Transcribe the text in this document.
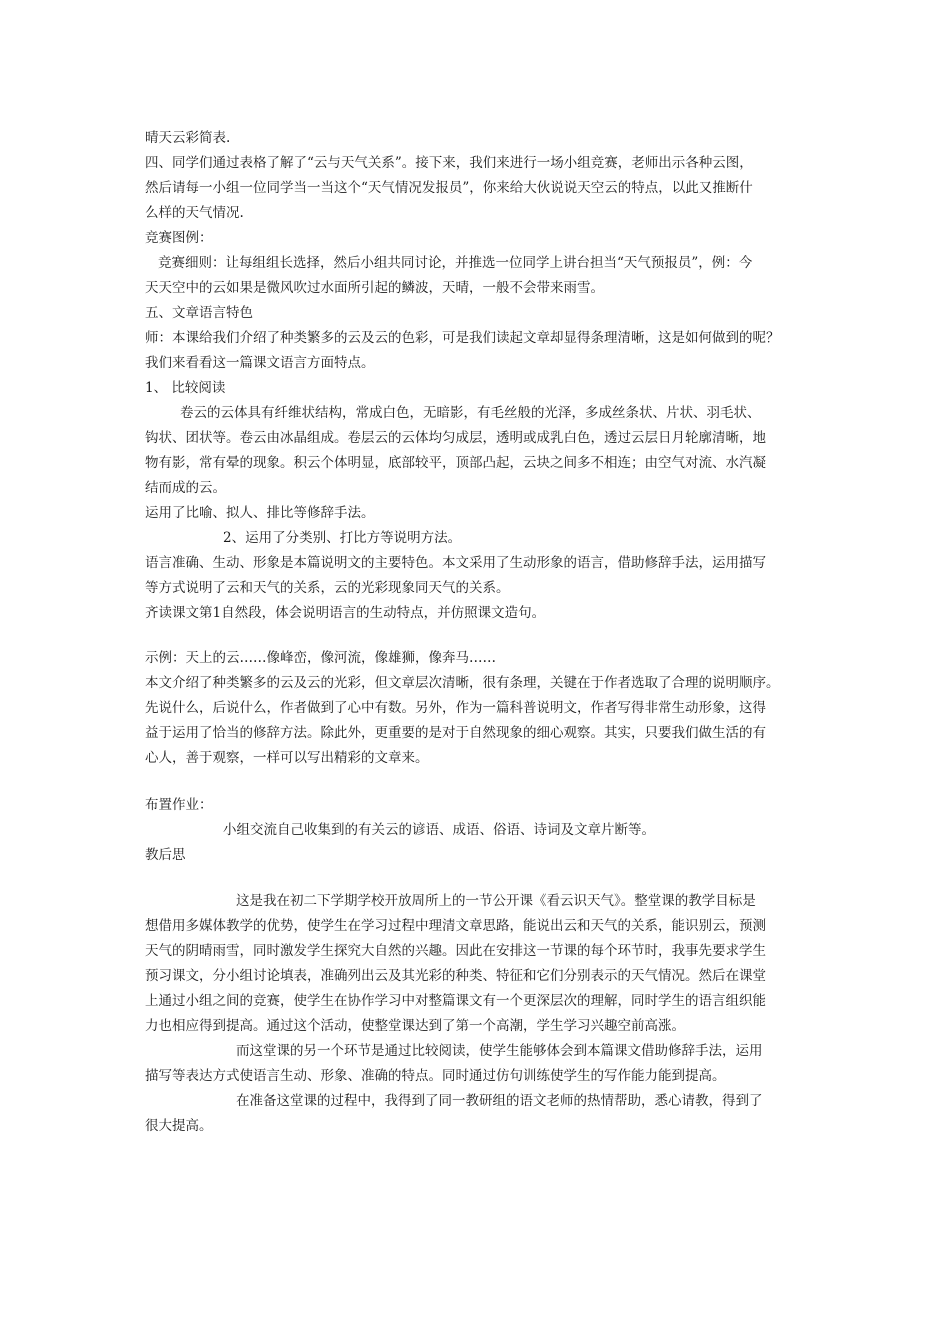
晴天云彩简表.
四、同学们通过表格了解了“云与天气关系”。接下来，我们来进行一场小组竞赛，老师出示各种云图，
然后请每一小组一位同学当一当这个“天气情况发报员”，你来给大伙说说天空云的特点，以此又推断什
么样的天气情况.
竞赛图例：
竞赛细则：让每组组长选择，然后小组共同讨论，并推选一位同学上讲台担当“天气预报员”，例：今
天天空中的云如果是微风吹过水面所引起的鳞波，天晴，一般不会带来雨雪。
五、文章语言特色
师：本课给我们介绍了种类繁多的云及云的色彩，可是我们读起文章却显得条理清晰，这是如何做到的呢？
我们来看看这一篇课文语言方面特点。
1、 比较阅读
卷云的云体具有纤维状结构，常成白色，无暗影，有毛丝般的光泽，多成丝条状、片状、羽毛状、
钩状、团状等。卷云由冰晶组成。卷层云的云体均匀成层，透明或成乳白色，透过云层日月轮廓清晰，地
物有影，常有晕的现象。积云个体明显，底部较平，顶部凸起，云块之间多不相连；由空气对流、水汽凝
结而成的云。
运用了比喻、拟人、排比等修辞手法。
2、运用了分类别、打比方等说明方法。
语言准确、生动、形象是本篇说明文的主要特色。本文采用了生动形象的语言，借助修辞手法，运用描写
等方式说明了云和天气的关系，云的光彩现象同天气的关系。
齐读课文第1自然段，体会说明语言的生动特点，并仿照课文造句。
示例：天上的云……像峰峦，像河流，像雄狮，像奔马……
本文介绍了种类繁多的云及云的光彩，但文章层次清晰，很有条理，关键在于作者选取了合理的说明顺序。
先说什么，后说什么，作者做到了心中有数。另外，作为一篇科普说明文，作者写得非常生动形象，这得
益于运用了恰当的修辞方法。除此外，更重要的是对于自然现象的细心观察。其实，只要我们做生活的有
心人，善于观察，一样可以写出精彩的文章来。
布置作业：
小组交流自己收集到的有关云的谚语、成语、俗语、诗词及文章片断等。
教后思
这是我在初二下学期学校开放周所上的一节公开课《看云识天气》。整堂课的教学目标是
想借用多媒体教学的优势，使学生在学习过程中理清文章思路，能说出云和天气的关系，能识别云，预测
天气的阴晴雨雪，同时激发学生探究大自然的兴趣。因此在安排这一节课的每个环节时，我事先要求学生
预习课文，分小组讨论填表，准确列出云及其光彩的种类、特征和它们分别表示的天气情况。然后在课堂
上通过小组之间的竞赛，使学生在协作学习中对整篇课文有一个更深层次的理解，同时学生的语言组织能
力也相应得到提高。通过这个活动，使整堂课达到了第一个高潮，学生学习兴趣空前高涨。
而这堂课的另一个环节是通过比较阅读，使学生能够体会到本篇课文借助修辞手法，运用
描写等表达方式使语言生动、形象、准确的特点。同时通过仿句训练使学生的写作能力能到提高。
在准备这堂课的过程中，我得到了同一教研组的语文老师的热情帮助，悉心请教，得到了
很大提高。
